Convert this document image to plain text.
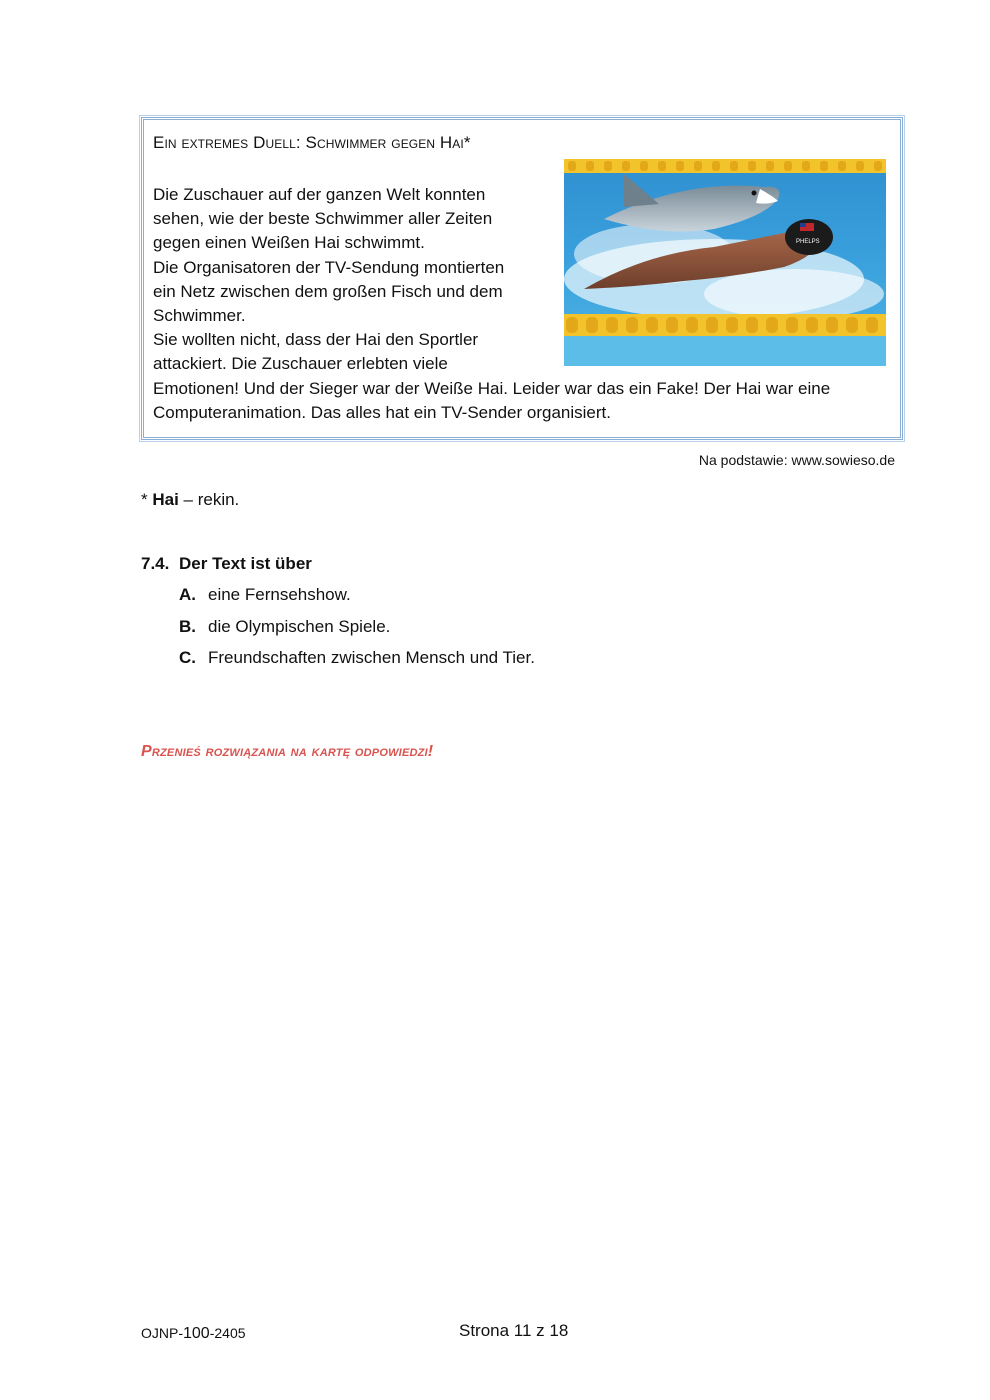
Ein extremes Duell: Schwimmer gegen Hai*
Die Zuschauer auf der ganzen Welt konnten
sehen, wie der beste Schwimmer aller Zeiten
gegen einen Weißen Hai schwimmt.
Die Organisatoren der TV-Sendung montierten
ein Netz zwischen dem großen Fisch und dem
Schwimmer.
Sie wollten nicht, dass der Hai den Sportler
attackiert. Die Zuschauer erlebten viele
Emotionen! Und der Sieger war der Weiße Hai. Leider war das ein Fake! Der Hai war eine
Computeranimation. Das alles hat ein TV-Sender organisiert.
PHELPS
Na podstawie: www.sowieso.de
* Hai – rekin.
7.4. Der Text ist über
A. eine Fernsehshow.
B. die Olympischen Spiele.
C. Freundschaften zwischen Mensch und Tier.
Przenieś rozwiązania na kartę odpowiedzi!
OJNP-100-2405	Strona 11 z 18
